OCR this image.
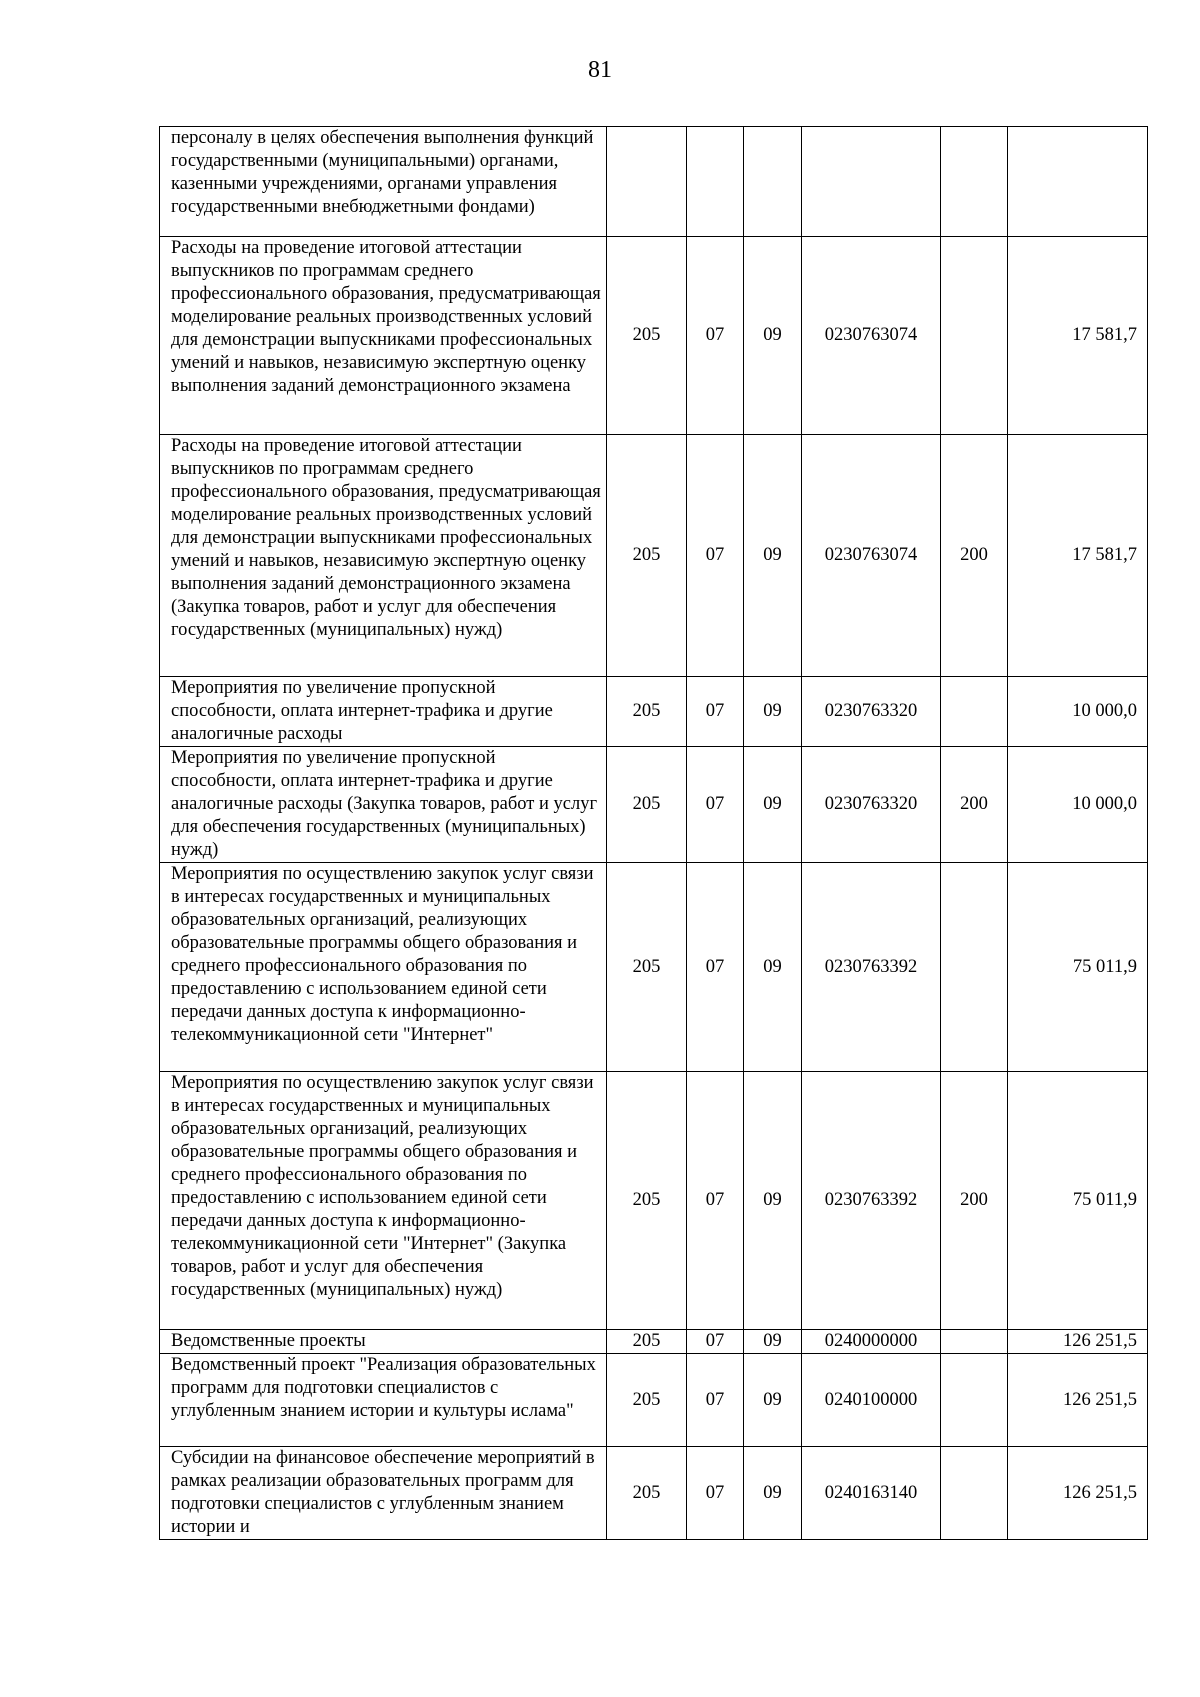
81
персоналу в целях обеспечения выполнения функций государственными (муниципальными) органами, казенными учреждениями, органами управления государственными внебюджетными фондами)						
Расходы на проведение итоговой аттестации выпускников по программам среднего профессионального образования, предусматривающая моделирование реальных производственных условий для демонстрации выпускниками профессиональных умений и навыков, независимую экспертную оценку выполнения заданий демонстрационного экзамена	205	07	09	0230763074		17 581,7
Расходы на проведение итоговой аттестации выпускников по программам среднего профессионального образования, предусматривающая моделирование реальных производственных условий для демонстрации выпускниками профессиональных умений и навыков, независимую экспертную оценку выполнения заданий демонстрационного экзамена (Закупка товаров, работ и услуг для обеспечения государственных (муниципальных) нужд)	205	07	09	0230763074	200	17 581,7
Мероприятия по увеличение пропускной способности, оплата интернет-трафика и другие аналогичные расходы	205	07	09	0230763320		10 000,0
Мероприятия по увеличение пропускной способности, оплата интернет-трафика и другие аналогичные расходы (Закупка товаров, работ и услуг для обеспечения государственных (муниципальных) нужд)	205	07	09	0230763320	200	10 000,0
Мероприятия по осуществлению закупок услуг связи в интересах государственных и муниципальных образовательных организаций, реализующих образовательные программы общего образования и среднего профессионального образования по предоставлению с использованием единой сети передачи данных доступа к информационно-телекоммуникационной сети "Интернет"	205	07	09	0230763392		75 011,9
Мероприятия по осуществлению закупок услуг связи в интересах государственных и муниципальных образовательных организаций, реализующих образовательные программы общего образования и среднего профессионального образования по предоставлению с использованием единой сети передачи данных доступа к информационно-телекоммуникационной сети "Интернет" (Закупка товаров, работ и услуг для обеспечения государственных (муниципальных) нужд)	205	07	09	0230763392	200	75 011,9
Ведомственные проекты	205	07	09	0240000000		126 251,5
Ведомственный проект "Реализация образовательных программ для подготовки специалистов с углубленным знанием истории и культуры ислама"	205	07	09	0240100000		126 251,5
Субсидии на финансовое обеспечение мероприятий в рамках реализации образовательных программ для подготовки специалистов с углубленным знанием истории и	205	07	09	0240163140		126 251,5
